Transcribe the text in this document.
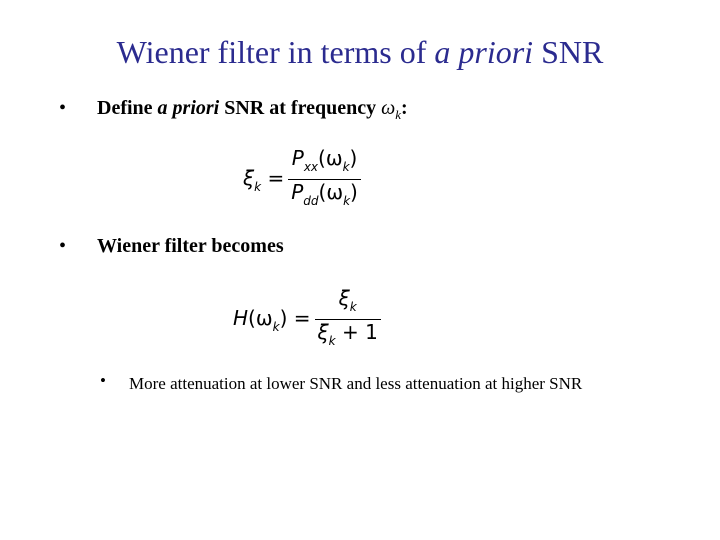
Wiener filter in terms of a priori SNR
• Define a priori SNR at frequency $\omega_k$:
$\xi_k = \frac{P_{xx}(\omega_k)}{P_{dd}(\omega_k)}$
• Wiener filter becomes
$H(\omega_k) = \frac{\xi_k}{\xi_k + 1}$
• More attenuation at lower SNR and less attenuation at higher SNR
